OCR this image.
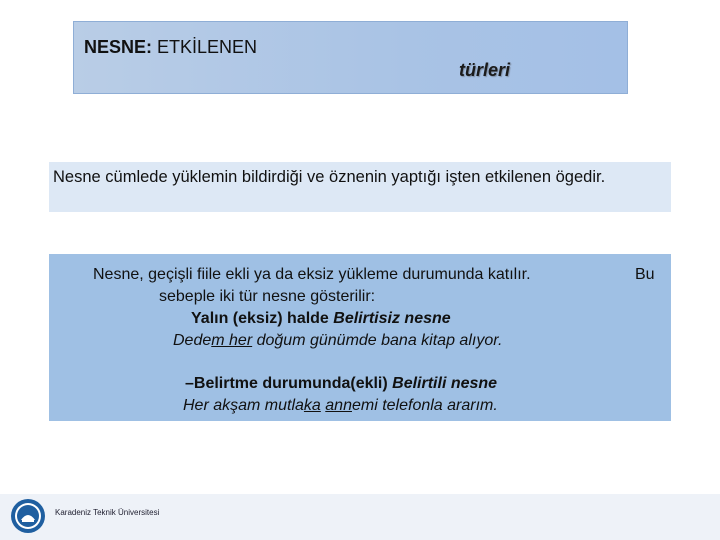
NESNE: ETKİLENEN
türleri
Nesne cümlede yüklemin bildirdiği ve öznenin yaptığı işten etkilenen ögedir.
Nesne, geçişli fiile ekli ya da eksiz yükleme durumunda katılır.	Bu
sebeple iki tür nesne gösterilir:
Yalın (eksiz) halde Belirtisiz nesne
Dedem her doğum günümde bana kitap alıyor.
–Belirtme durumunda(ekli) Belirtili nesne
Her akşam mutlaka annemi telefonla ararım.
Karadeniz Teknik Üniversitesi
